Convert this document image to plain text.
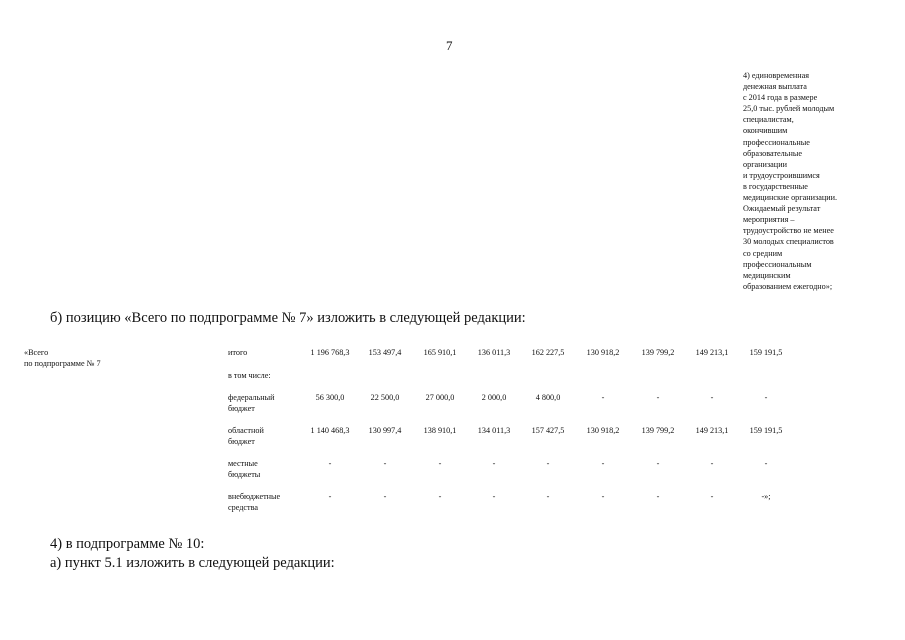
7
4) единовременная
денежная выплата
с 2014 года в размере
25,0 тыс. рублей молодым
специалистам,
окончившим
профессиональные
образовательные
организации
и трудоустроившимся
в государственные
медицинские организации.
Ожидаемый результат
мероприятия –
трудоустройство не менее
30 молодых специалистов
со средним
профессиональным
медицинским
образованием ежегодно»;
б) позицию «Всего по подпрограмме № 7» изложить в следующей редакции:
«Всего
по подпрограмме № 7
итого	1 196 768,3	153 497,4	165 910,1	136 011,3	162 227,5	130 918,2	139 799,2	149 213,1	159 191,5
в том числе:
федеральный
бюджет
56 300,0	22 500,0	27 000,0	2 000,0	4 800,0	-	-	-	-
областной
бюджет
1 140 468,3	130 997,4	138 910,1	134 011,3	157 427,5	130 918,2	139 799,2	149 213,1	159 191,5
местные
бюджеты
-	-	-	-	-	-	-	-	-
внебюджетные
средства
-	-	-	-	-	-	-	-	-»;
4) в подпрограмме № 10:
а) пункт 5.1 изложить в следующей редакции:
